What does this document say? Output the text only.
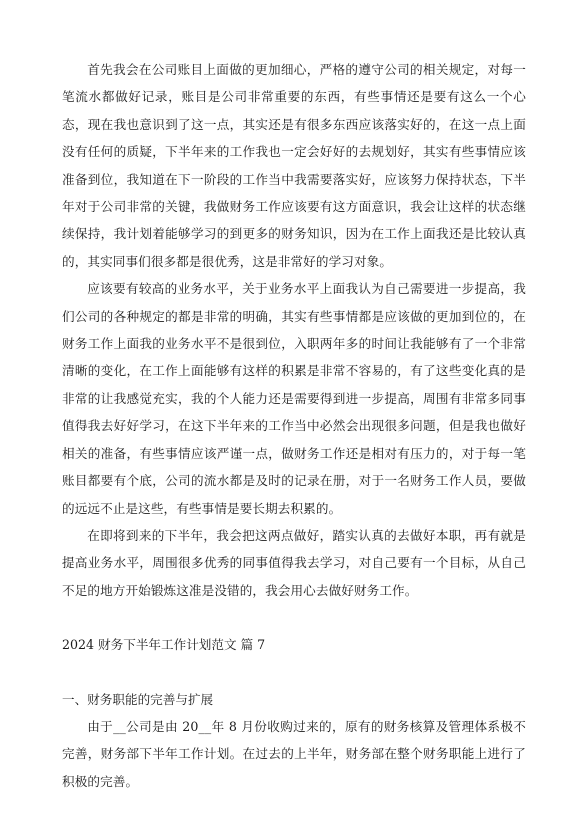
首先我会在公司账目上面做的更加细心，严格的遵守公司的相关规定，对每一笔流水都做好记录，账目是公司非常重要的东西，有些事情还是要有这么一个心态，现在我也意识到了这一点，其实还是有很多东西应该落实好的，在这一点上面没有任何的质疑，下半年来的工作我也一定会好好的去规划好，其实有些事情应该准备到位，我知道在下一阶段的工作当中我需要落实好，应该努力保持状态，下半年对于公司非常的关键，我做财务工作应该要有这方面意识，我会让这样的状态继续保持，我计划着能够学习的到更多的财务知识，因为在工作上面我还是比较认真的，其实同事们很多都是很优秀，这是非常好的学习对象。

应该要有较高的业务水平，关于业务水平上面我认为自己需要进一步提高，我们公司的各种规定的都是非常的明确，其实有些事情都是应该做的更加到位的，在财务工作上面我的业务水平不是很到位，入职两年多的时间让我能够有了一个非常清晰的变化，在工作上面能够有这样的积累是非常不容易的，有了这些变化真的是非常的让我感觉充实，我的个人能力还是需要得到进一步提高，周围有非常多同事值得我去好好学习，在这下半年来的工作当中必然会出现很多问题，但是我也做好相关的准备，有些事情应该严谨一点，做财务工作还是相对有压力的，对于每一笔账目都要有个底，公司的流水都是及时的记录在册，对于一名财务工作人员，要做的远远不止是这些，有些事情是要长期去积累的。

在即将到来的下半年，我会把这两点做好，踏实认真的去做好本职，再有就是提高业务水平，周围很多优秀的同事值得我去学习，对自己要有一个目标，从自己不足的地方开始锻炼这准是没错的，我会用心去做好财务工作。

2024 财务下半年工作计划范文 篇 7

一、财务职能的完善与扩展

由于__公司是由 20__年 8 月份收购过来的，原有的财务核算及管理体系极不完善，财务部下半年工作计划。在过去的上半年，财务部在整个财务职能上进行了积极的完善。
